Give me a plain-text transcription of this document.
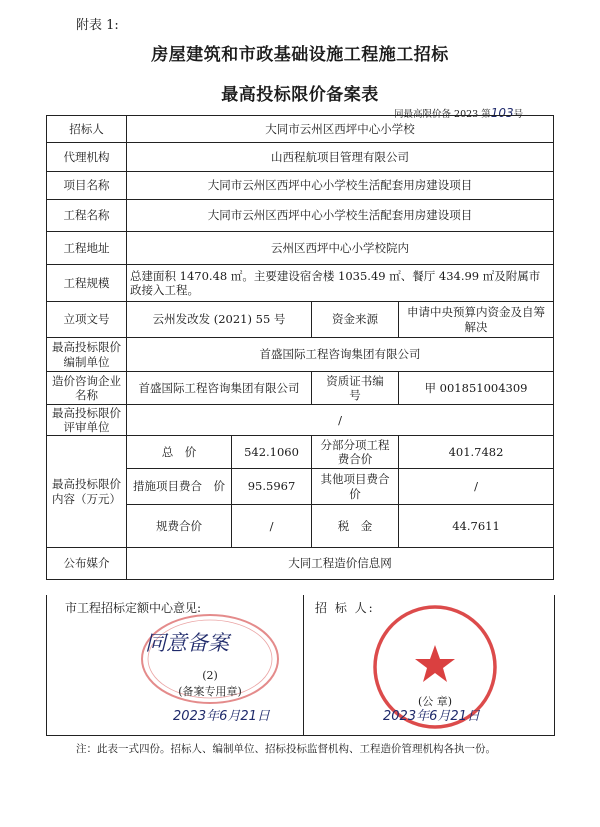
附表 1:
房屋建筑和市政基础设施工程施工招标
最高投标限价备案表
同最高限价备 2023 第103号
招标人	大同市云州区西坪中心小学校			
代理机构	山西程航项目管理有限公司			
项目名称	大同市云州区西坪中心小学校生活配套用房建设项目			
工程名称	大同市云州区西坪中心小学校生活配套用房建设项目			
工程地址	云州区西坪中心小学校院内			
工程规模	总建面积 1470.48 ㎡。主要建设宿舍楼 1035.49 ㎡、餐厅 434.99 ㎡及附属市政接入工程。			
立项文号	云州发改发 (2021) 55 号		资金来源	申请中央预算内资金及自筹解决
最高投标限价编制单位	首盛国际工程咨询集团有限公司			
造价咨询企业名称	首盛国际工程咨询集团有限公司		资质证书编　　号	甲 001851004309
最高投标限价评审单位	/			
最高投标限价内容（万元）	总　价	542.1060	分部分项工程费合价	401.7482
	措施项目费合　价	95.5967	其他项目费合价	/
	规费合价	/	税　金	44.7611
公布媒介	大同工程造价信息网			
市工程招标定额中心意见:	招 标 人:
(2)
(备案专用章)
同意备案
2023年6月21日
(公 章)
2023年6月21日
注：此表一式四份。招标人、编制单位、招标投标监督机构、工程造价管理机构各执一份。
